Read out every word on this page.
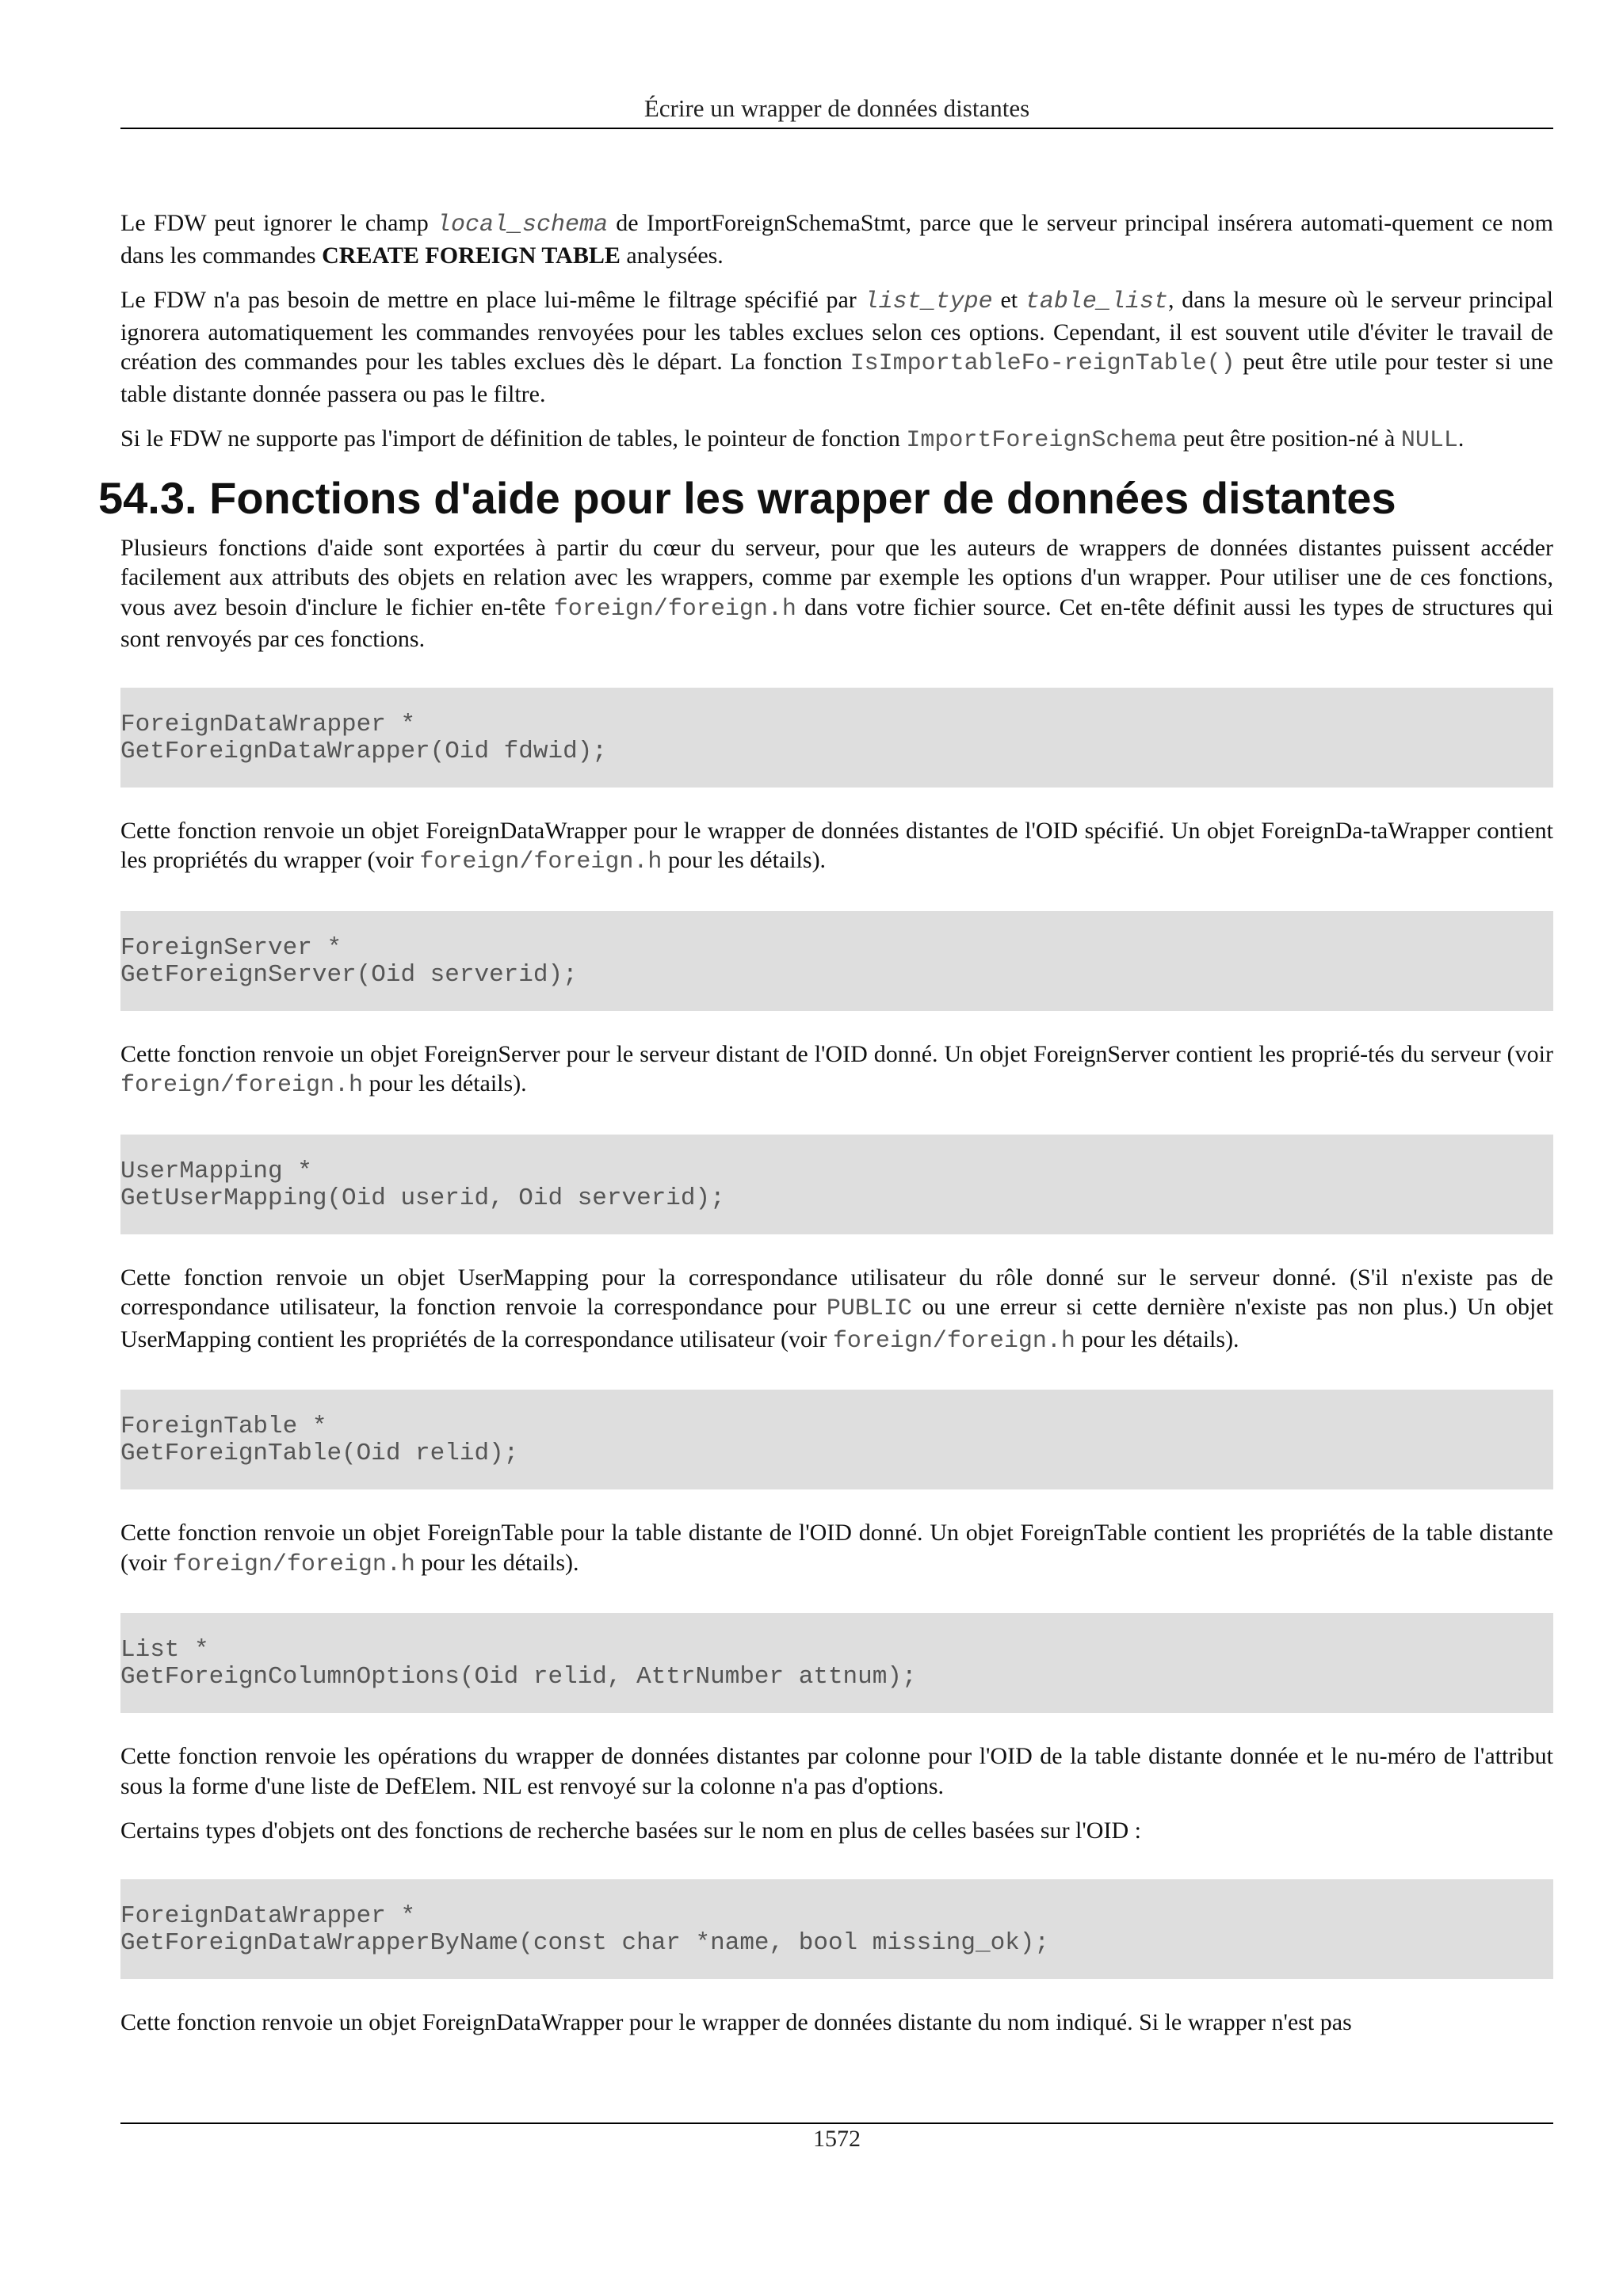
Écrire un wrapper de données distantes

Le FDW peut ignorer le champ local_schema de ImportForeignSchemaStmt, parce que le serveur principal insérera automati-quement ce nom dans les commandes CREATE FOREIGN TABLE analysées.

Le FDW n'a pas besoin de mettre en place lui-même le filtrage spécifié par list_type et table_list, dans la mesure où le serveur principal ignorera automatiquement les commandes renvoyées pour les tables exclues selon ces options. Cependant, il est souvent utile d'éviter le travail de création des commandes pour les tables exclues dès le départ. La fonction IsImportableFo-reignTable() peut être utile pour tester si une table distante donnée passera ou pas le filtre.

Si le FDW ne supporte pas l'import de définition de tables, le pointeur de fonction ImportForeignSchema peut être position-né à NULL.

54.3. Fonctions d'aide pour les wrapper de données distantes

Plusieurs fonctions d'aide sont exportées à partir du cœur du serveur, pour que les auteurs de wrappers de données distantes puissent accéder facilement aux attributs des objets en relation avec les wrappers, comme par exemple les options d'un wrapper. Pour utiliser une de ces fonctions, vous avez besoin d'inclure le fichier en-tête foreign/foreign.h dans votre fichier source. Cet en-tête définit aussi les types de structures qui sont renvoyés par ces fonctions.

ForeignDataWrapper *
GetForeignDataWrapper(Oid fdwid);

Cette fonction renvoie un objet ForeignDataWrapper pour le wrapper de données distantes de l'OID spécifié. Un objet ForeignDa-taWrapper contient les propriétés du wrapper (voir foreign/foreign.h pour les détails).

ForeignServer *
GetForeignServer(Oid serverid);

Cette fonction renvoie un objet ForeignServer pour le serveur distant de l'OID donné. Un objet ForeignServer contient les proprié-tés du serveur (voir foreign/foreign.h pour les détails).

UserMapping *
GetUserMapping(Oid userid, Oid serverid);

Cette fonction renvoie un objet UserMapping pour la correspondance utilisateur du rôle donné sur le serveur donné. (S'il n'existe pas de correspondance utilisateur, la fonction renvoie la correspondance pour PUBLIC ou une erreur si cette dernière n'existe pas non plus.) Un objet UserMapping contient les propriétés de la correspondance utilisateur (voir foreign/foreign.h pour les détails).

ForeignTable *
GetForeignTable(Oid relid);

Cette fonction renvoie un objet ForeignTable pour la table distante de l'OID donné. Un objet ForeignTable contient les propriétés de la table distante (voir foreign/foreign.h pour les détails).

List *
GetForeignColumnOptions(Oid relid, AttrNumber attnum);

Cette fonction renvoie les opérations du wrapper de données distantes par colonne pour l'OID de la table distante donnée et le nu-méro de l'attribut sous la forme d'une liste de DefElem. NIL est renvoyé sur la colonne n'a pas d'options.

Certains types d'objets ont des fonctions de recherche basées sur le nom en plus de celles basées sur l'OID :

ForeignDataWrapper *
GetForeignDataWrapperByName(const char *name, bool missing_ok);

Cette fonction renvoie un objet ForeignDataWrapper pour le wrapper de données distante du nom indiqué. Si le wrapper n'est pas

1572
